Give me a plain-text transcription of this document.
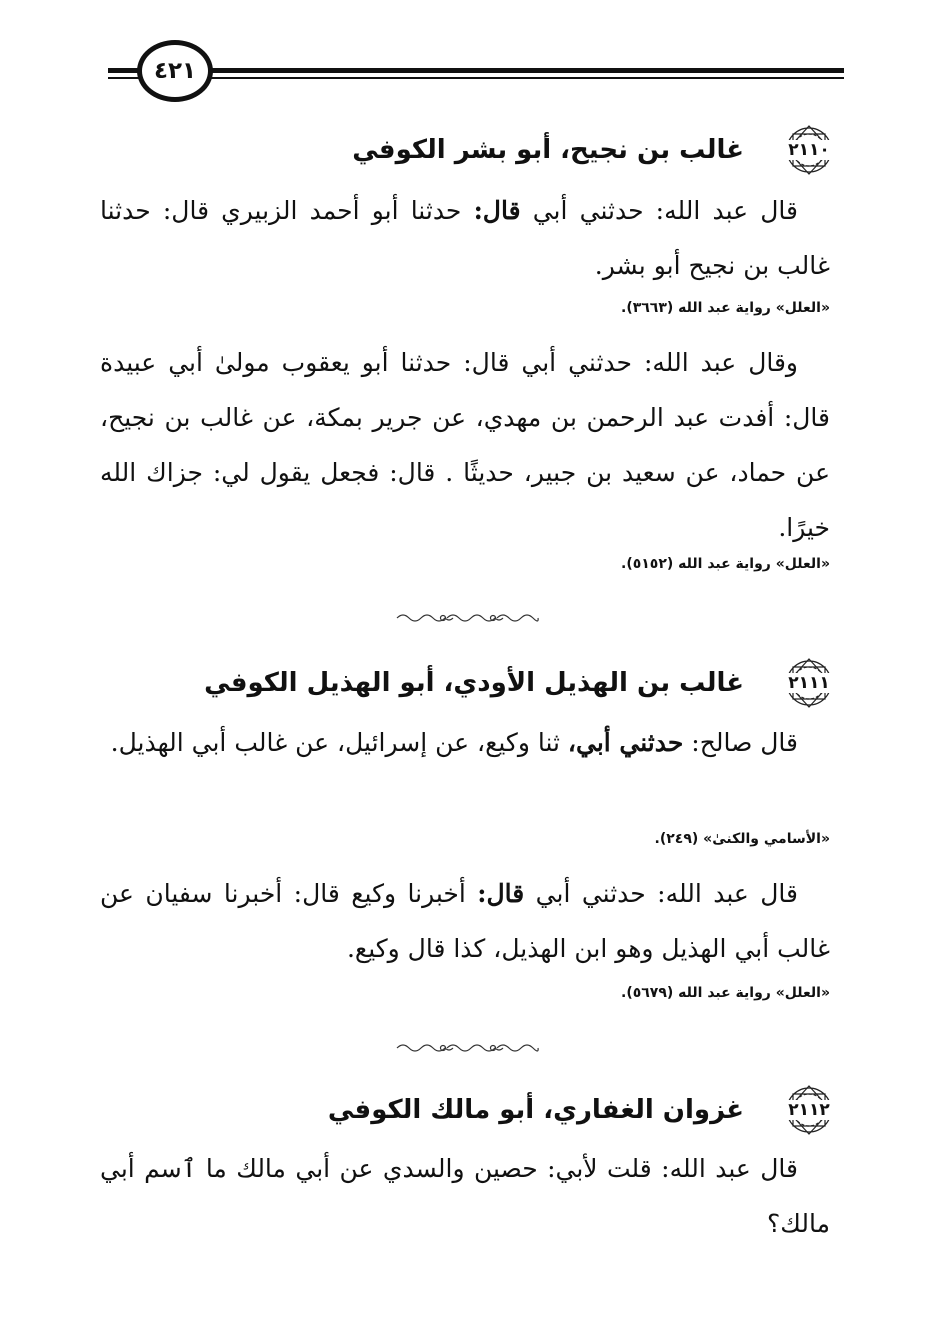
٤٢١
٢١١٠
غالب بن نجيح، أبو بشر الكوفي

قال عبد الله: حدثني أبي قال: حدثنا أبو أحمد الزبيري قال: حدثنا غالب بن نجيح أبو بشر.

«العلل» رواية عبد الله (٣٦٦٣).

وقال عبد الله: حدثني أبي قال: حدثنا أبو يعقوب مولىٰ أبي عبيدة قال: أفدت عبد الرحمن بن مهدي، عن جرير بمكة، عن غالب بن نجيح، عن حماد، عن سعيد بن جبير، حديثًا . قال: فجعل يقول لي: جزاك الله خيرًا.

«العلل» رواية عبد الله (٥١٥٢).

٢١١١
غالب بن الهذيل الأودي، أبو الهذيل الكوفي

قال صالح: حدثني أبي، ثنا وكيع، عن إسرائيل، عن غالب أبي الهذيل.

«الأسامي والكنىٰ» (٢٤٩).

قال عبد الله: حدثني أبي قال: أخبرنا وكيع قال: أخبرنا سفيان عن غالب أبي الهذيل وهو ابن الهذيل، كذا قال وكيع.

«العلل» رواية عبد الله (٥٦٧٩).

٢١١٢
غزوان الغفاري، أبو مالك الكوفي

قال عبد الله: قلت لأبي: حصين والسدي عن أبي مالك ما ٱسم أبي مالك؟
